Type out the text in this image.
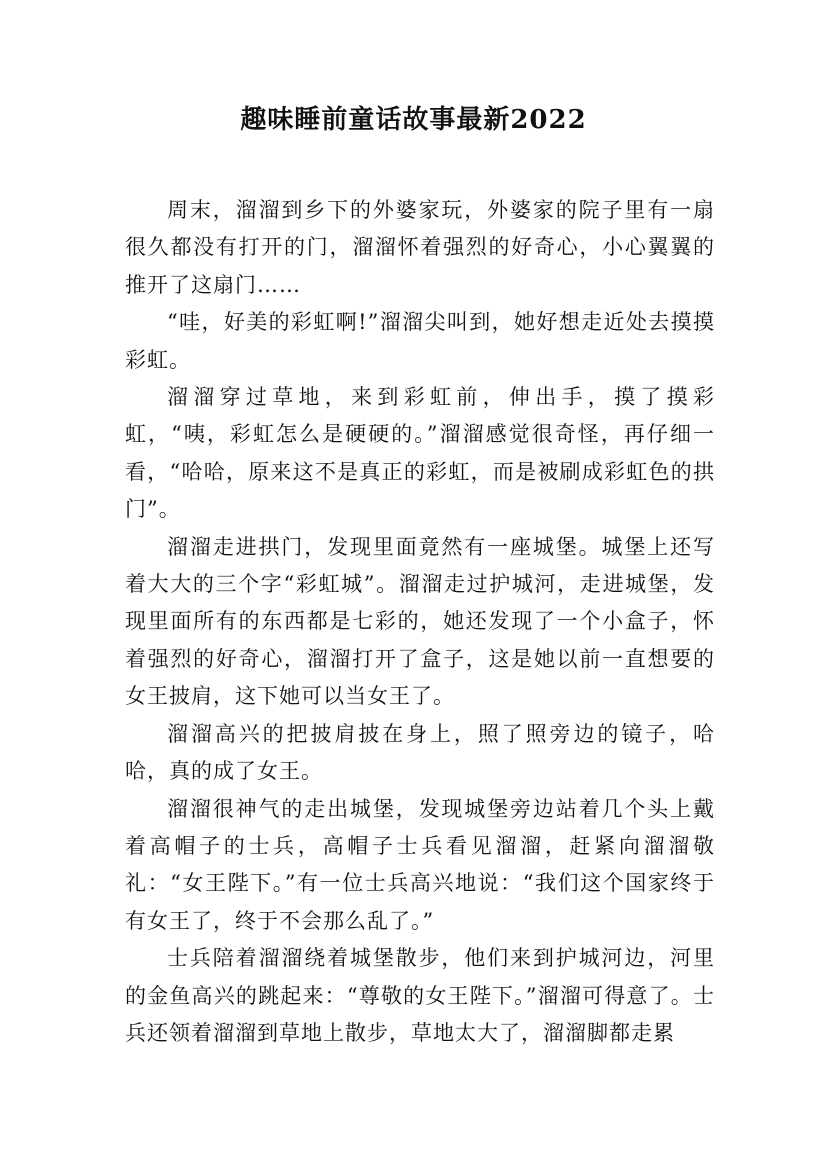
趣味睡前童话故事最新2022

周末，溜溜到乡下的外婆家玩，外婆家的院子里有一扇很久都没有打开的门，溜溜怀着强烈的好奇心，小心翼翼的推开了这扇门……

“哇，好美的彩虹啊!”溜溜尖叫到，她好想走近处去摸摸彩虹。

溜溜穿过草地，来到彩虹前，伸出手，摸了摸彩虹，“咦，彩虹怎么是硬硬的。”溜溜感觉很奇怪，再仔细一看，“哈哈，原来这不是真正的彩虹，而是被刷成彩虹色的拱门”。

溜溜走进拱门，发现里面竟然有一座城堡。城堡上还写着大大的三个字“彩虹城”。溜溜走过护城河，走进城堡，发现里面所有的东西都是七彩的，她还发现了一个小盒子，怀着强烈的好奇心，溜溜打开了盒子，这是她以前一直想要的女王披肩，这下她可以当女王了。

溜溜高兴的把披肩披在身上，照了照旁边的镜子，哈哈，真的成了女王。

溜溜很神气的走出城堡，发现城堡旁边站着几个头上戴着高帽子的士兵，高帽子士兵看见溜溜，赶紧向溜溜敬礼：“女王陛下。”有一位士兵高兴地说：“我们这个国家终于有女王了，终于不会那么乱了。”

士兵陪着溜溜绕着城堡散步，他们来到护城河边，河里的金鱼高兴的跳起来：“尊敬的女王陛下。”溜溜可得意了。士兵还领着溜溜到草地上散步，草地太大了，溜溜脚都走累
